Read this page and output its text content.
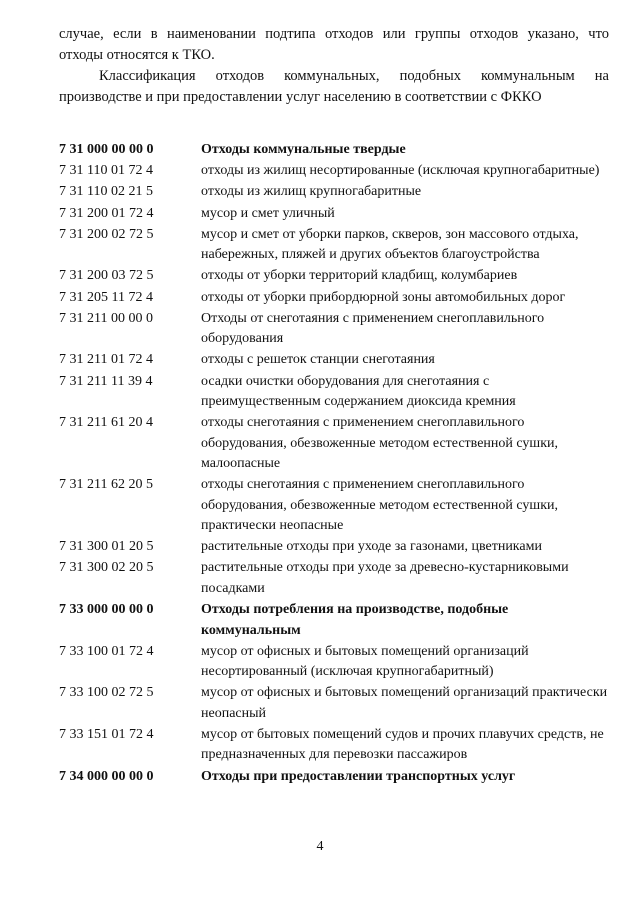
случае, если в наименовании подтипа отходов или группы отходов указано, что

отходы относятся к ТКО.

Классификация отходов коммунальных, подобных коммунальным на

производстве и при предоставлении услуг населению в соответствии с ФККО

7 31 000 00 00 0	Отходы коммунальные твердые
7 31 110 01 72 4	отходы из жилищ несортированные (исключая крупногабаритные)
7 31 110 02 21 5	отходы из жилищ крупногабаритные
7 31 200 01 72 4	мусор и смет уличный
7 31 200 02 72 5	мусор и смет от уборки парков, скверов, зон массового отдыха, набережных, пляжей и других объектов благоустройства
7 31 200 03 72 5	отходы от уборки территорий кладбищ, колумбариев
7 31 205 11 72 4	отходы от уборки прибордюрной зоны автомобильных дорог
7 31 211 00 00 0	Отходы от снеготаяния с применением снегоплавильного оборудования
7 31 211 01 72 4	отходы с решеток станции снеготаяния
7 31 211 11 39 4	осадки очистки оборудования для снеготаяния с преимущественным содержанием диоксида кремния
7 31 211 61 20 4	отходы снеготаяния с применением снегоплавильного оборудования, обезвоженные методом естественной сушки, малоопасные
7 31 211 62 20 5	отходы снеготаяния с применением снегоплавильного оборудования, обезвоженные методом естественной сушки, практически неопасные
7 31 300 01 20 5	растительные отходы при уходе за газонами, цветниками
7 31 300 02 20 5	растительные отходы при уходе за древесно-кустарниковыми посадками
7 33 000 00 00 0	Отходы потребления на производстве, подобные коммунальным
7 33 100 01 72 4	мусор от офисных и бытовых помещений организаций несортированный (исключая крупногабаритный)
7 33 100 02 72 5	мусор от офисных и бытовых помещений организаций практически неопасный
7 33 151 01 72 4	мусор от бытовых помещений судов и прочих плавучих средств, не предназначенных для перевозки пассажиров
7 34 000 00 00 0	Отходы при предоставлении транспортных услуг
4
